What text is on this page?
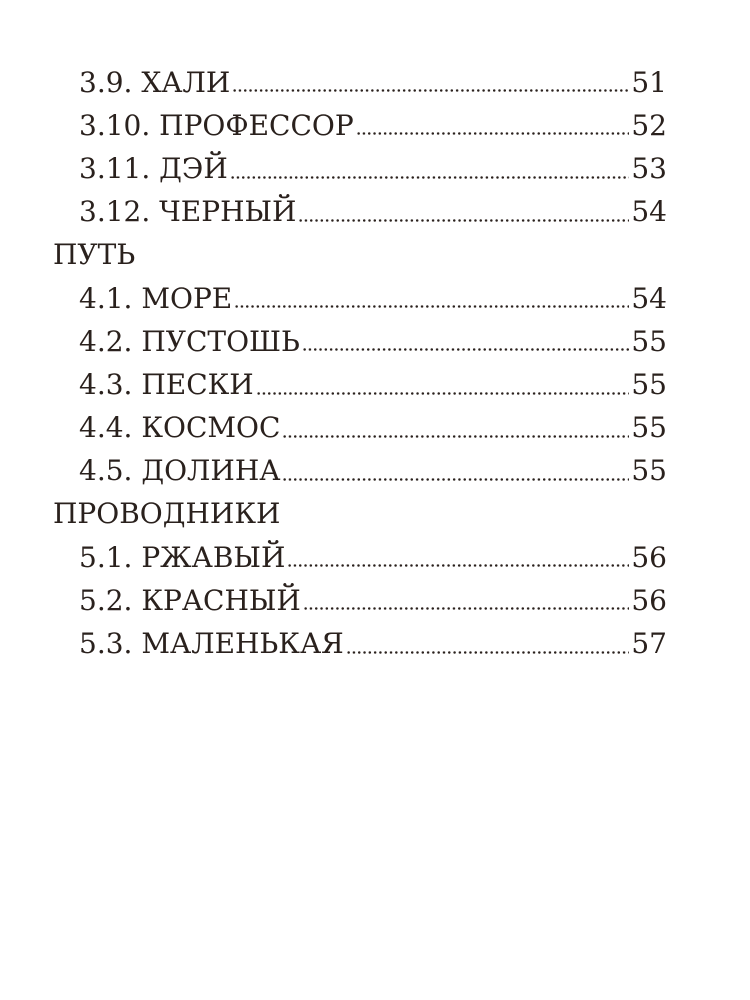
3.9. ХАЛИ	51
3.10. ПРОФЕССОР	52
3.11. ДЭЙ	53
3.12. ЧЕРНЫЙ	54
ПУТЬ
4.1. МОРЕ	54
4.2. ПУСТОШЬ	55
4.3. ПЕСКИ	55
4.4. КОСМОС	55
4.5. ДОЛИНА	55
ПРОВОДНИКИ
5.1. РЖАВЫЙ	56
5.2. КРАСНЫЙ	56
5.3. МАЛЕНЬКАЯ	57
